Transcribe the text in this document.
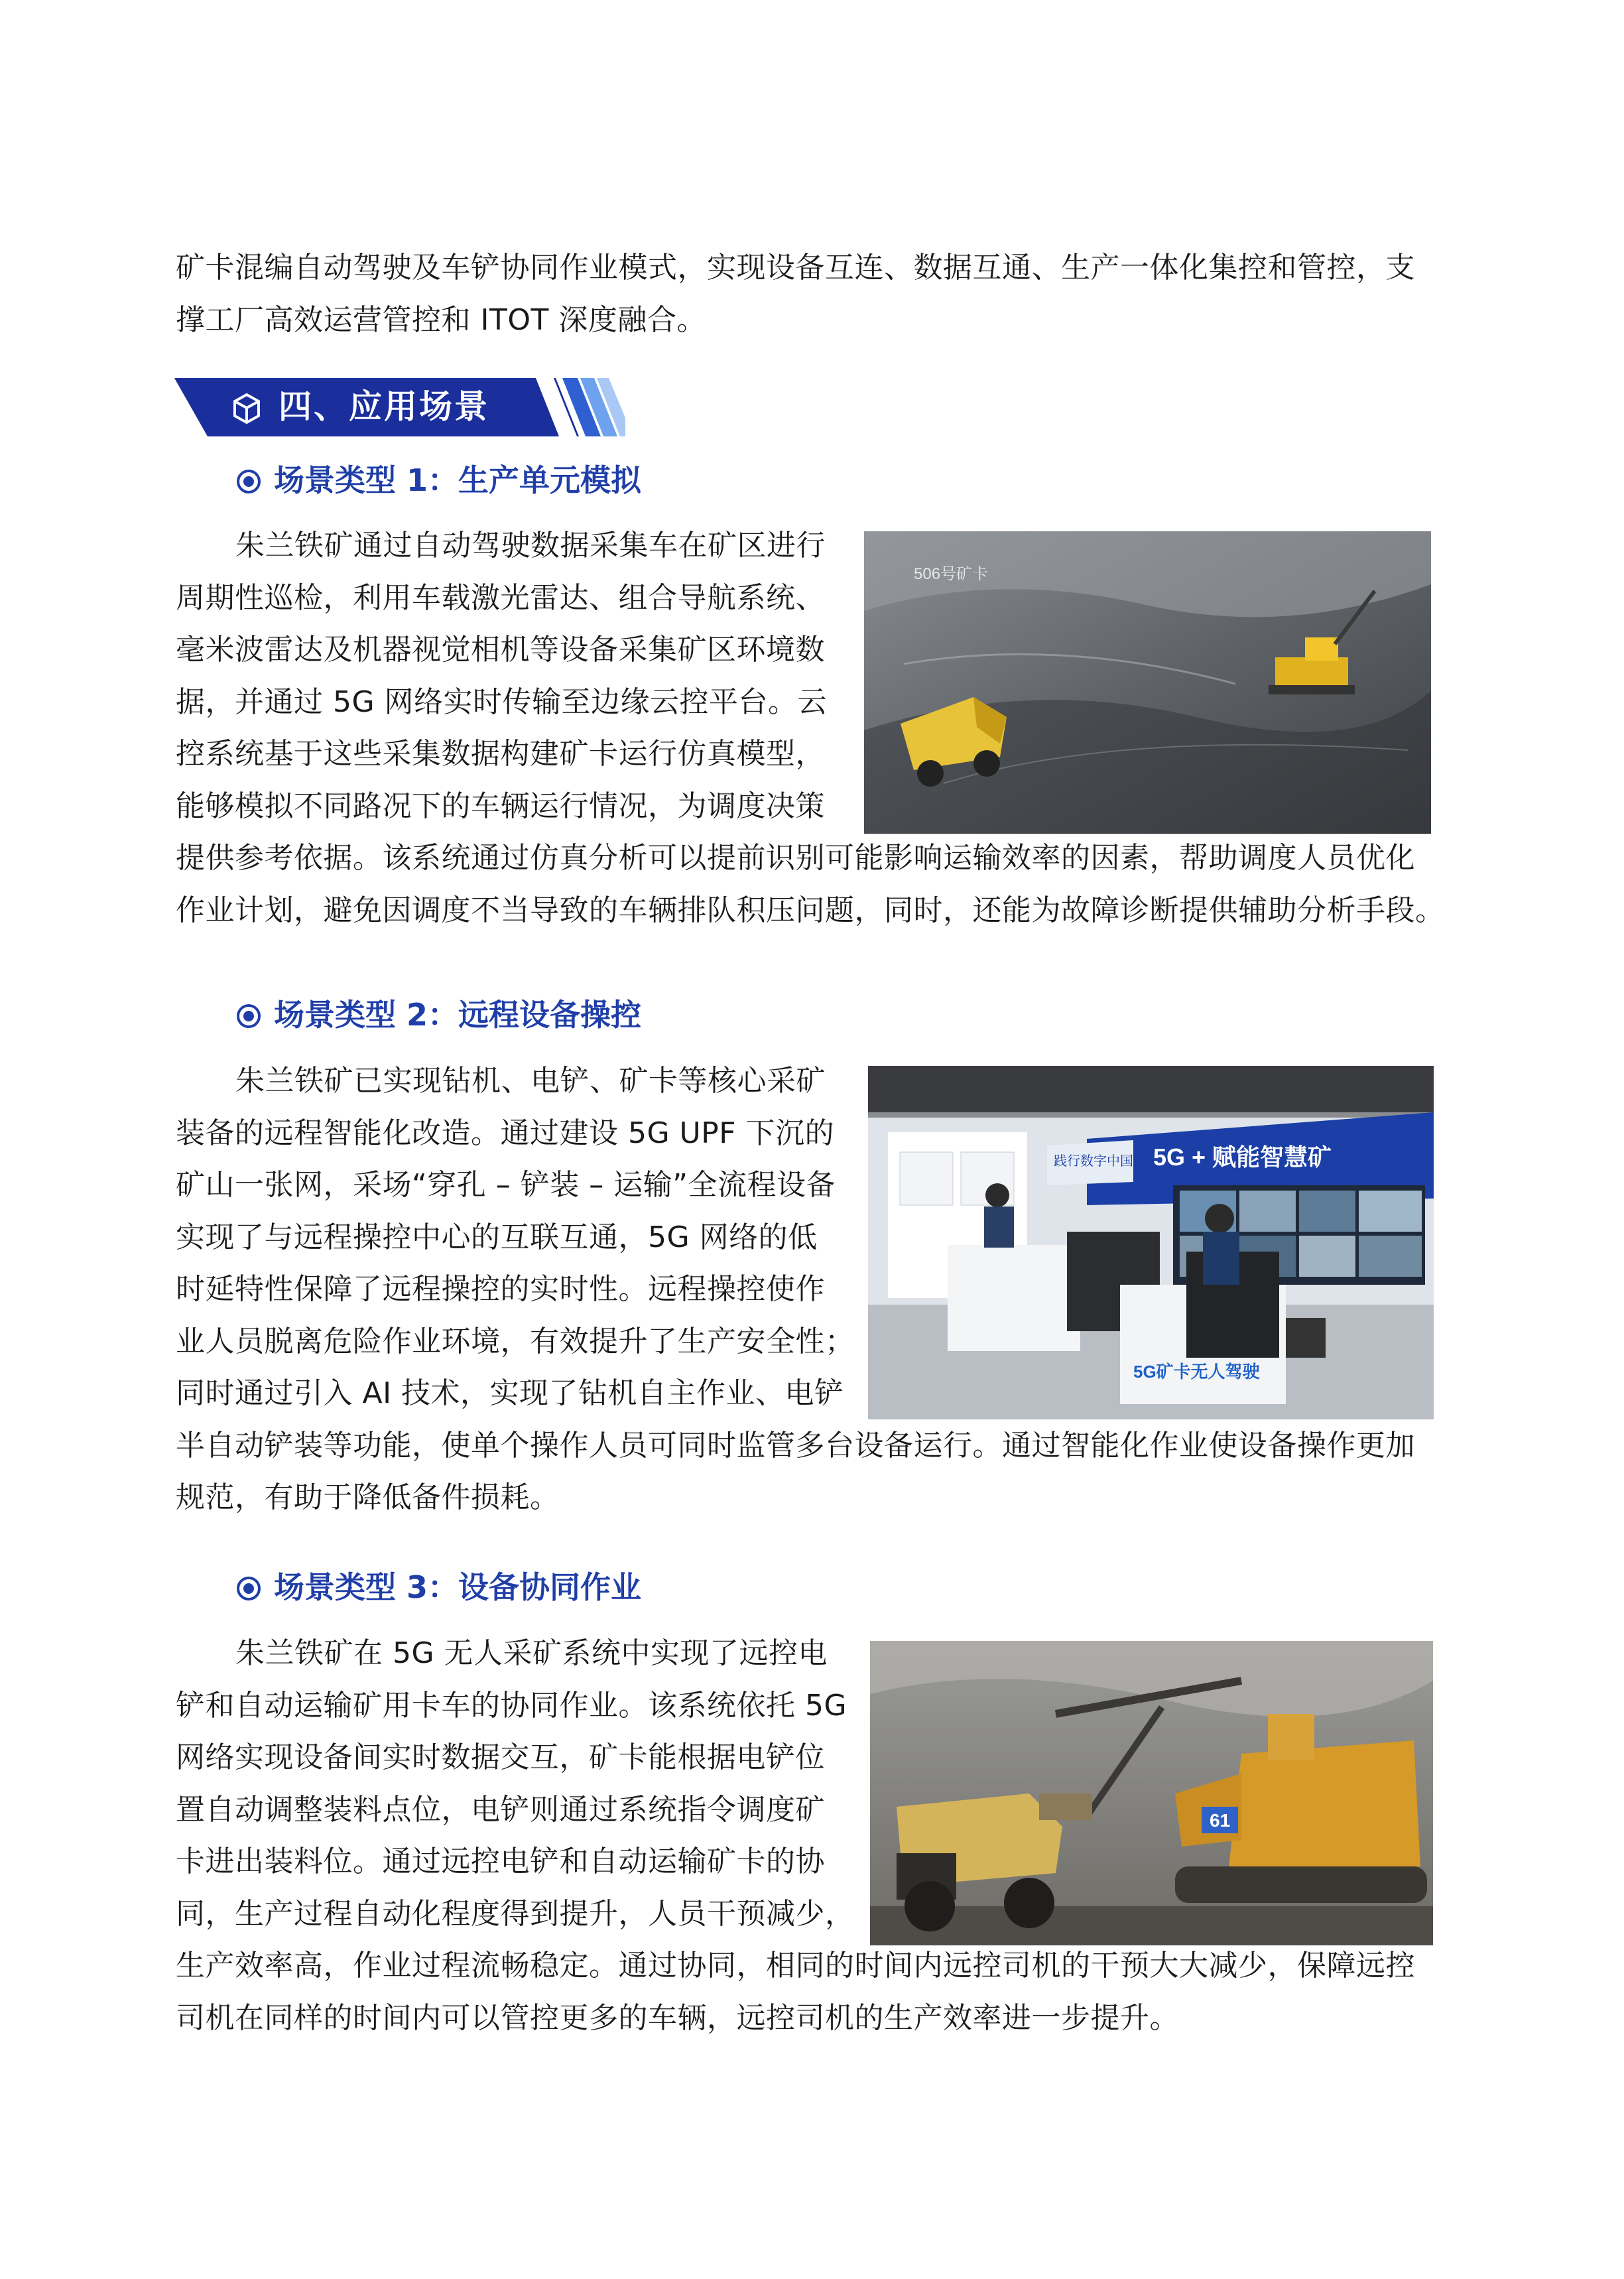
矿卡混编自动驾驶及车铲协同作业模式，实现设备互连、数据互通、生产一体化集控和管控，支
撑工厂高效运营管控和 ITOT 深度融合。
四、应用场景
场景类型 1：生产单元模拟
朱兰铁矿通过自动驾驶数据采集车在矿区进行
周期性巡检，利用车载激光雷达、组合导航系统、
毫米波雷达及机器视觉相机等设备采集矿区环境数
据，并通过 5G 网络实时传输至边缘云控平台。云
控系统基于这些采集数据构建矿卡运行仿真模型，
能够模拟不同路况下的车辆运行情况，为调度决策
提供参考依据。该系统通过仿真分析可以提前识别可能影响运输效率的因素，帮助调度人员优化
作业计划，避免因调度不当导致的车辆排队积压问题，同时，还能为故障诊断提供辅助分析手段。
506号矿卡
场景类型 2：远程设备操控
朱兰铁矿已实现钻机、电铲、矿卡等核心采矿
装备的远程智能化改造。通过建设 5G UPF 下沉的
矿山一张网，采场“穿孔 – 铲装 – 运输”全流程设备
实现了与远程操控中心的互联互通，5G 网络的低
时延特性保障了远程操控的实时性。远程操控使作
业人员脱离危险作业环境，有效提升了生产安全性；
同时通过引入 AI 技术，实现了钻机自主作业、电铲
半自动铲装等功能，使单个操作人员可同时监管多台设备运行。通过智能化作业使设备操作更加
规范，有助于降低备件损耗。
践行数字中国战略
5G + 赋能智慧矿
5G矿卡无人驾驶
场景类型 3：设备协同作业
朱兰铁矿在 5G 无人采矿系统中实现了远控电
铲和自动运输矿用卡车的协同作业。该系统依托 5G
网络实现设备间实时数据交互，矿卡能根据电铲位
置自动调整装料点位，电铲则通过系统指令调度矿
卡进出装料位。通过远控电铲和自动运输矿卡的协
同，生产过程自动化程度得到提升，人员干预减少，
生产效率高，作业过程流畅稳定。通过协同，相同的时间内远控司机的干预大大减少，保障远控
司机在同样的时间内可以管控更多的车辆，远控司机的生产效率进一步提升。
61
